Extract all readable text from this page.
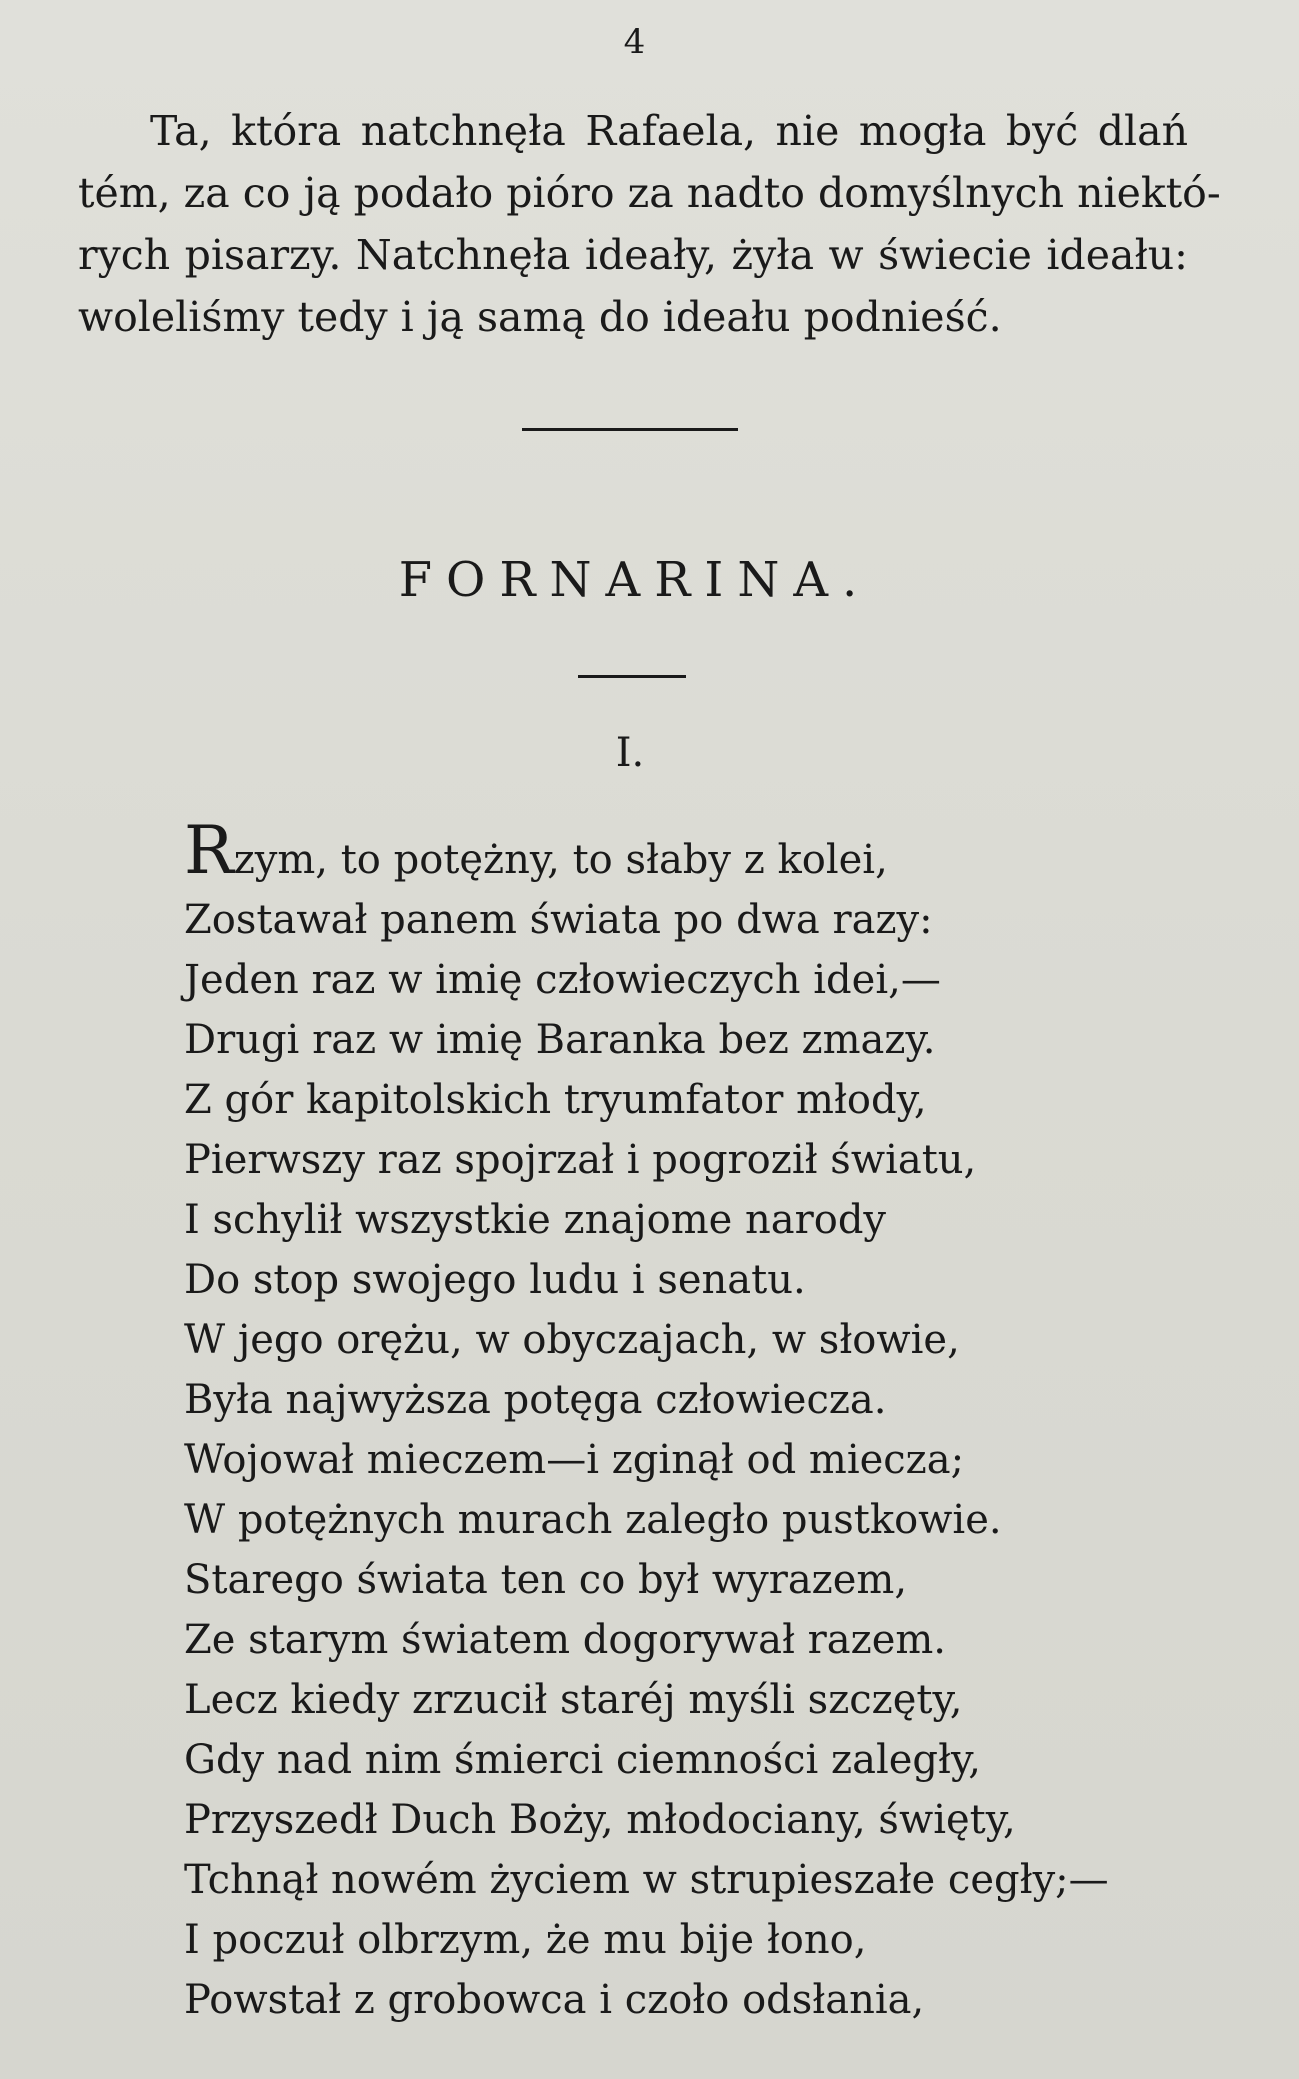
4
Ta, która natchnęła Rafaela, nie mogła być dlań
tém, za co ją podało pióro za nadto domyślnych niektó-
rych pisarzy. Natchnęła ideały, żyła w świecie ideału:
woleliśmy tedy i ją samą do ideału podnieść.
FORNARINA.
I.
Rzym, to potężny, to słaby z kolei,
Zostawał panem świata po dwa razy:
Jeden raz w imię człowieczych idei,—
Drugi raz w imię Baranka bez zmazy.
Z gór kapitolskich tryumfator młody,
Pierwszy raz spojrzał i pogroził światu,
I schylił wszystkie znajome narody
Do stop swojego ludu i senatu.
W jego orężu, w obyczajach, w słowie,
Była najwyższa potęga człowiecza.
Wojował mieczem—i zginął od miecza;
W potężnych murach zaległo pustkowie.
Starego świata ten co był wyrazem,
Ze starym światem dogorywał razem.
Lecz kiedy zrzucił staréj myśli szczęty,
Gdy nad nim śmierci ciemności zaległy,
Przyszedł Duch Boży, młodociany, święty,
Tchnął nowém życiem w strupieszałe cegły;—
I poczuł olbrzym, że mu bije łono,
Powstał z grobowca i czoło odsłania,
